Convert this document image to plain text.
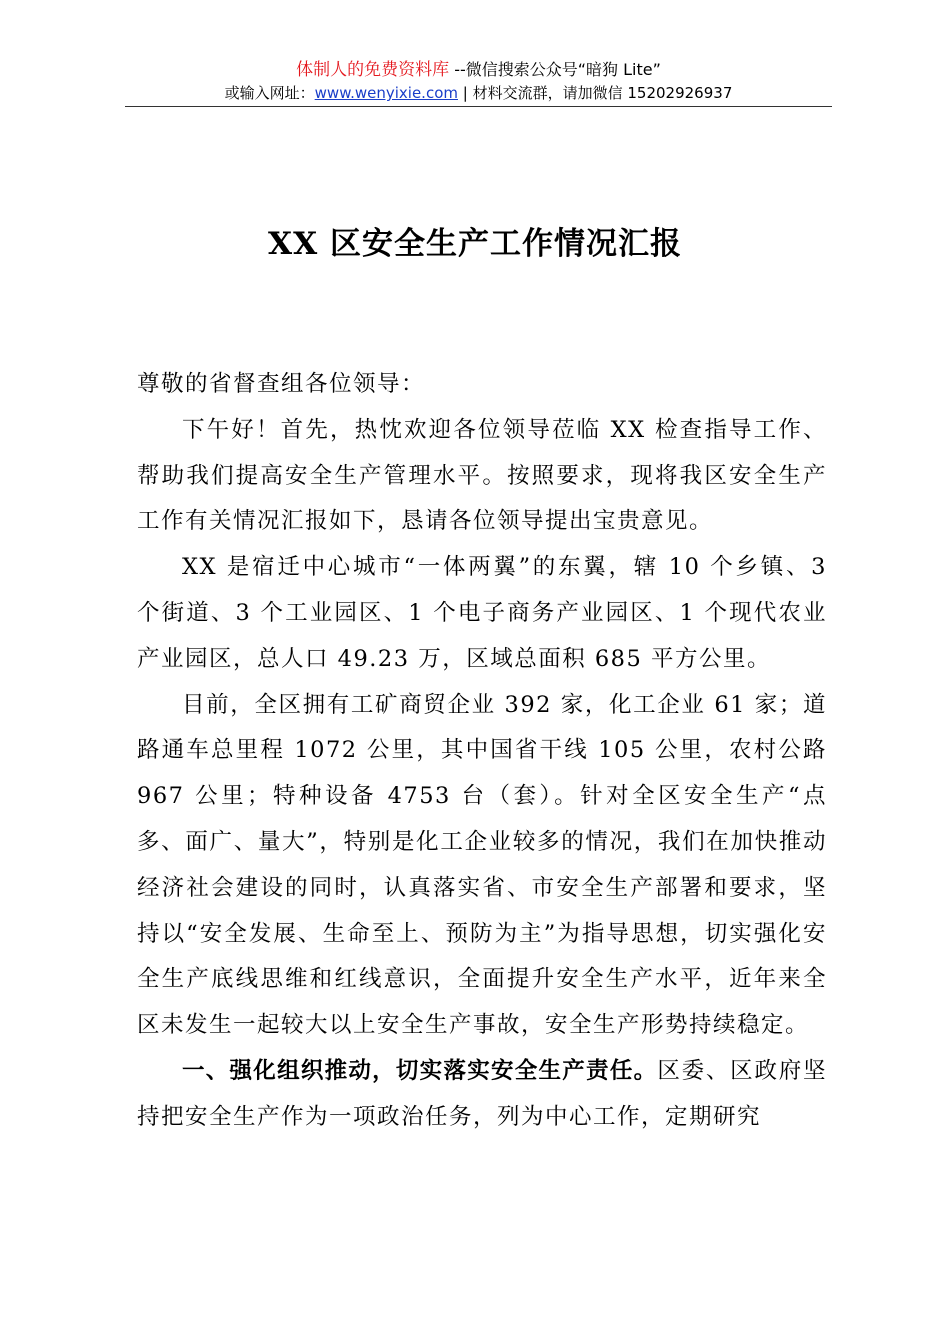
体制人的免费资料库 --微信搜索公众号“暗狗 Lite”
或输入网址：www.wenyixie.com | 材料交流群，请加微信 15202926937
XX 区安全生产工作情况汇报

尊敬的省督查组各位领导：

下午好！首先，热忱欢迎各位领导莅临 XX 检查指导工作、帮助我们提高安全生产管理水平。按照要求，现将我区安全生产工作有关情况汇报如下，恳请各位领导提出宝贵意见。

XX 是宿迁中心城市“一体两翼”的东翼，辖 10 个乡镇、3 个街道、3 个工业园区、1 个电子商务产业园区、1 个现代农业产业园区，总人口 49.23 万，区域总面积 685 平方公里。

目前，全区拥有工矿商贸企业 392 家，化工企业 61 家；道路通车总里程 1072 公里，其中国省干线 105 公里，农村公路 967 公里；特种设备 4753 台（套）。针对全区安全生产“点多、面广、量大”，特别是化工企业较多的情况，我们在加快推动经济社会建设的同时，认真落实省、市安全生产部署和要求，坚持以“安全发展、生命至上、预防为主”为指导思想，切实强化安全生产底线思维和红线意识，全面提升安全生产水平，近年来全区未发生一起较大以上安全生产事故，安全生产形势持续稳定。

一、强化组织推动，切实落实安全生产责任。区委、区政府坚持把安全生产作为一项政治任务，列为中心工作，定期研究
